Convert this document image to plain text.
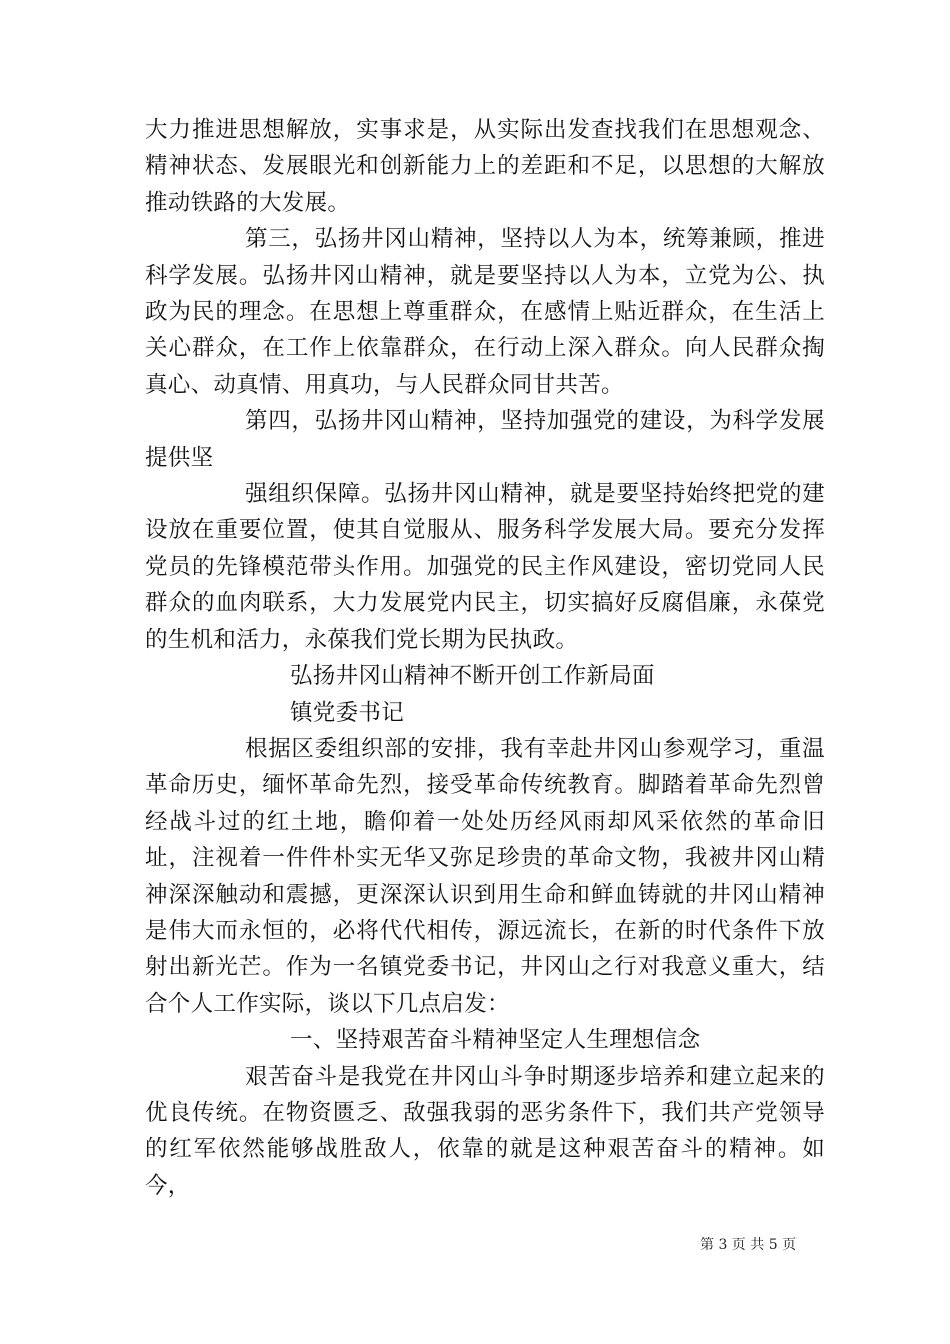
大力推进思想解放，实事求是，从实际出发查找我们在思想观念、精神状态、发展眼光和创新能力上的差距和不足，以思想的大解放推动铁路的大发展。

第三，弘扬井冈山精神，坚持以人为本，统筹兼顾，推进科学发展。弘扬井冈山精神，就是要坚持以人为本，立党为公、执政为民的理念。在思想上尊重群众，在感情上贴近群众，在生活上关心群众，在工作上依靠群众，在行动上深入群众。向人民群众掏真心、动真情、用真功，与人民群众同甘共苦。

第四，弘扬井冈山精神，坚持加强党的建设，为科学发展提供坚

强组织保障。弘扬井冈山精神，就是要坚持始终把党的建设放在重要位置，使其自觉服从、服务科学发展大局。要充分发挥党员的先锋模范带头作用。加强党的民主作风建设，密切党同人民群众的血肉联系，大力发展党内民主，切实搞好反腐倡廉，永葆党的生机和活力，永葆我们党长期为民执政。

弘扬井冈山精神不断开创工作新局面

镇党委书记

根据区委组织部的安排，我有幸赴井冈山参观学习，重温革命历史，缅怀革命先烈，接受革命传统教育。脚踏着革命先烈曾经战斗过的红土地，瞻仰着一处处历经风雨却风采依然的革命旧址，注视着一件件朴实无华又弥足珍贵的革命文物，我被井冈山精神深深触动和震撼，更深深认识到用生命和鲜血铸就的井冈山精神是伟大而永恒的，必将代代相传，源远流长，在新的时代条件下放射出新光芒。作为一名镇党委书记，井冈山之行对我意义重大，结合个人工作实际，谈以下几点启发：

一、坚持艰苦奋斗精神坚定人生理想信念

艰苦奋斗是我党在井冈山斗争时期逐步培养和建立起来的优良传统。在物资匮乏、敌强我弱的恶劣条件下，我们共产党领导的红军依然能够战胜敌人，依靠的就是这种艰苦奋斗的精神。如今，

第 3 页 共 5 页
